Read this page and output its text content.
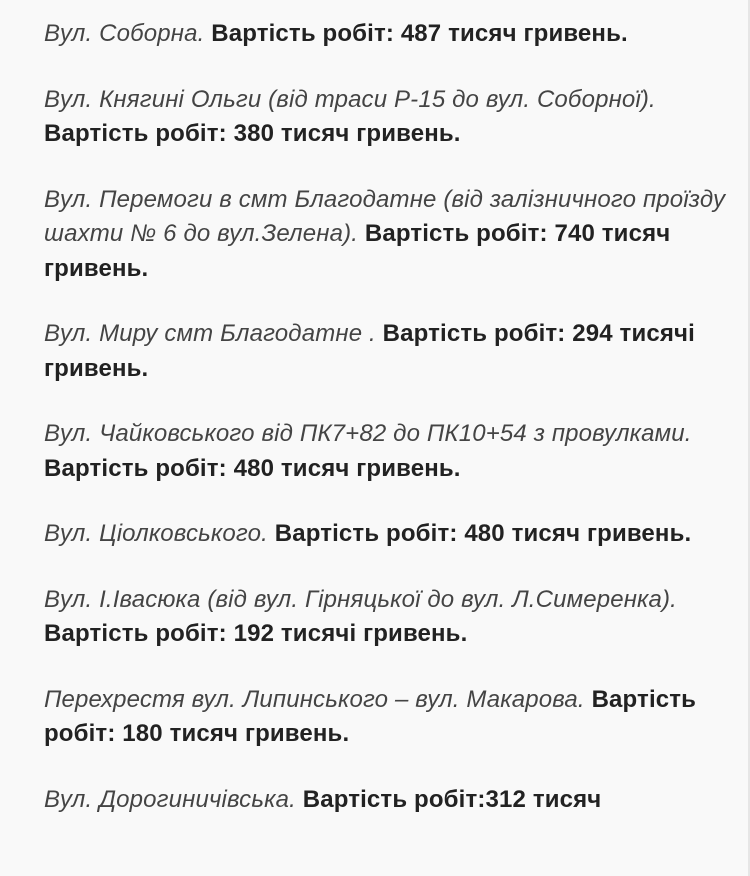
Вул. Соборна. Вартість робіт: 487 тисяч гривень.

Вул. Княгині Ольги (від траси Р-15 до вул. Соборної). Вартість робіт: 380 тисяч гривень.

Вул. Перемоги в смт Благодатне (від залізничного проїзду шахти № 6 до вул.Зелена). Вартість робіт: 740 тисяч гривень.

Вул. Миру смт Благодатне . Вартість робіт: 294 тисячі гривень.

Вул. Чайковського від ПК7+82 до ПК10+54 з провулками. Вартість робіт: 480 тисяч гривень.

Вул. Ціолковського. Вартість робіт: 480 тисяч гривень.

Вул. І.Івасюка (від вул. Гірняцької до вул. Л.Симеренка). Вартість робіт: 192 тисячі гривень.

Перехрестя вул. Липинського – вул. Макарова. Вартість робіт: 180 тисяч гривень.

Вул. Дорогиничівська. Вартість робіт:312 тисяч
